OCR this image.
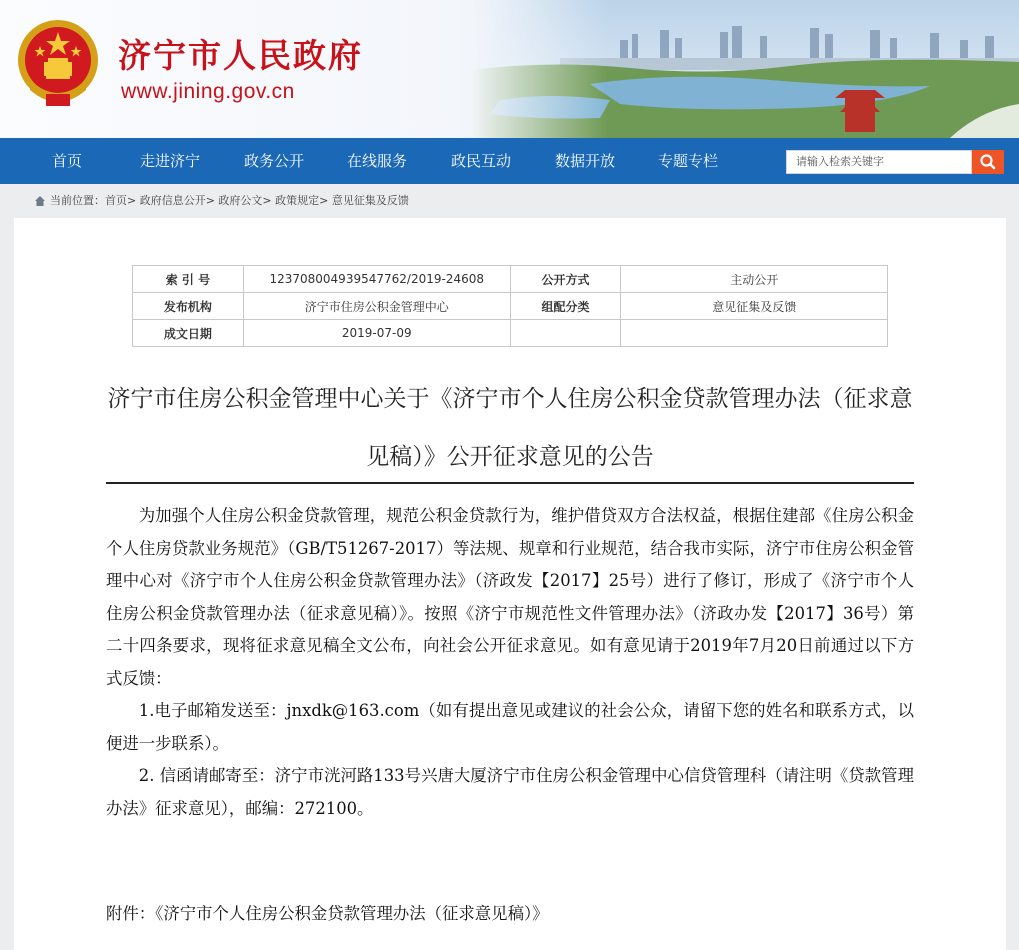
济宁市人民政府
www.jining.gov.cn
首页	走进济宁	政务公开	在线服务	政民互动	数据开放	专题专栏	请输入检索关键字
当前位置：首页> 政府信息公开> 政府公文> 政策规定> 意见征集及反馈
索 引 号	123708004939547762/2019-24608	公开方式	主动公开
发布机构	济宁市住房公积金管理中心	组配分类	意见征集及反馈
成文日期	2019-07-09		
济宁市住房公积金管理中心关于《济宁市个人住房公积金贷款管理办法（征求意见稿）》公开征求意见的公告

为加强个人住房公积金贷款管理，规范公积金贷款行为，维护借贷双方合法权益，根据住建部《住房公积金个人住房贷款业务规范》（GB/T51267-2017）等法规、规章和行业规范，结合我市实际，济宁市住房公积金管理中心对《济宁市个人住房公积金贷款管理办法》（济政发【2017】25号）进行了修订，形成了《济宁市个人住房公积金贷款管理办法（征求意见稿）》。按照《济宁市规范性文件管理办法》（济政办发【2017】36号）第二十四条要求，现将征求意见稿全文公布，向社会公开征求意见。如有意见请于2019年7月20日前通过以下方式反馈：

1.电子邮箱发送至：jnxdk@163.com（如有提出意见或建议的社会公众，请留下您的姓名和联系方式，以便进一步联系）。

2. 信函请邮寄至：济宁市洸河路133号兴唐大厦济宁市住房公积金管理中心信贷管理科（请注明《贷款管理办法》征求意见），邮编：272100。

附件：《济宁市个人住房公积金贷款管理办法（征求意见稿）》
